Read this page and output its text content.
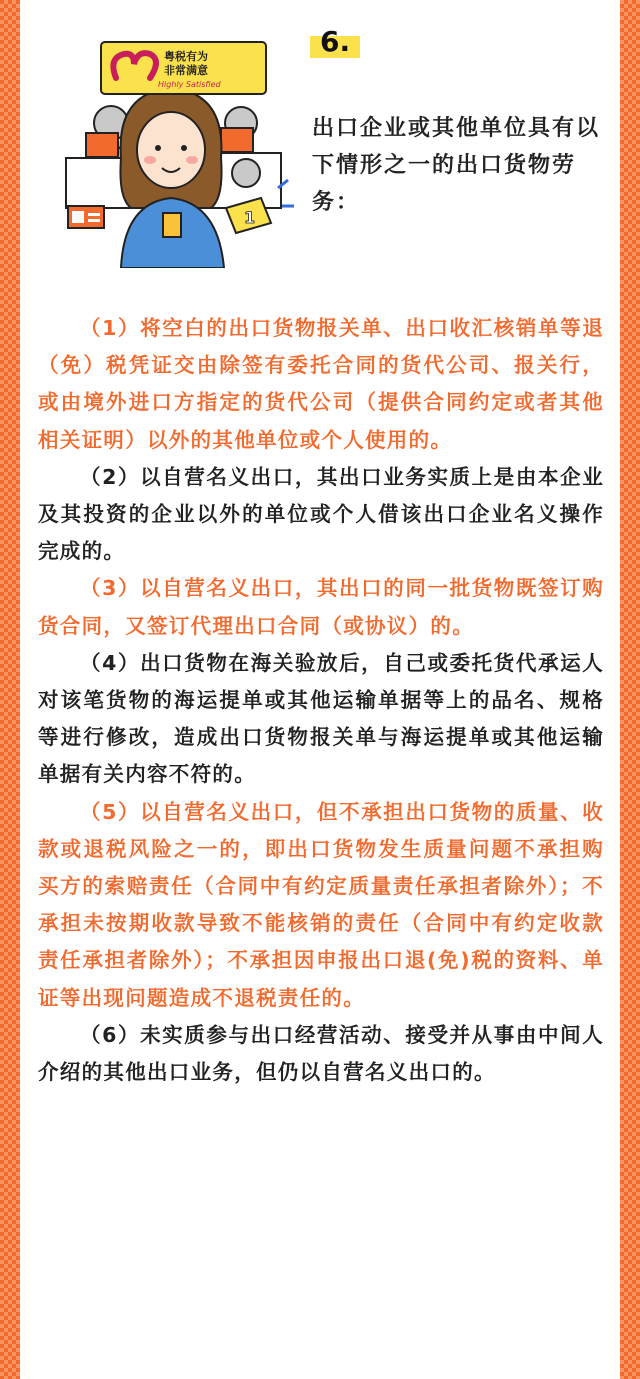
1
粤税有为
非常满意
Highly Satisfied
6.
出口企业或其他单位具有以下情形之一的出口货物劳务：

（1）将空白的出口货物报关单、出口收汇核销单等退（免）税凭证交由除签有委托合同的货代公司、报关行，或由境外进口方指定的货代公司（提供合同约定或者其他相关证明）以外的其他单位或个人使用的。

（2）以自营名义出口，其出口业务实质上是由本企业及其投资的企业以外的单位或个人借该出口企业名义操作完成的。

（3）以自营名义出口，其出口的同一批货物既签订购货合同，又签订代理出口合同（或协议）的。

（4）出口货物在海关验放后，自己或委托货代承运人对该笔货物的海运提单或其他运输单据等上的品名、规格等进行修改，造成出口货物报关单与海运提单或其他运输单据有关内容不符的。

（5）以自营名义出口，但不承担出口货物的质量、收款或退税风险之一的，即出口货物发生质量问题不承担购买方的索赔责任（合同中有约定质量责任承担者除外）；不承担未按期收款导致不能核销的责任（合同中有约定收款责任承担者除外）；不承担因申报出口退(免)税的资料、单证等出现问题造成不退税责任的。

（6）未实质参与出口经营活动、接受并从事由中间人介绍的其他出口业务，但仍以自营名义出口的。
